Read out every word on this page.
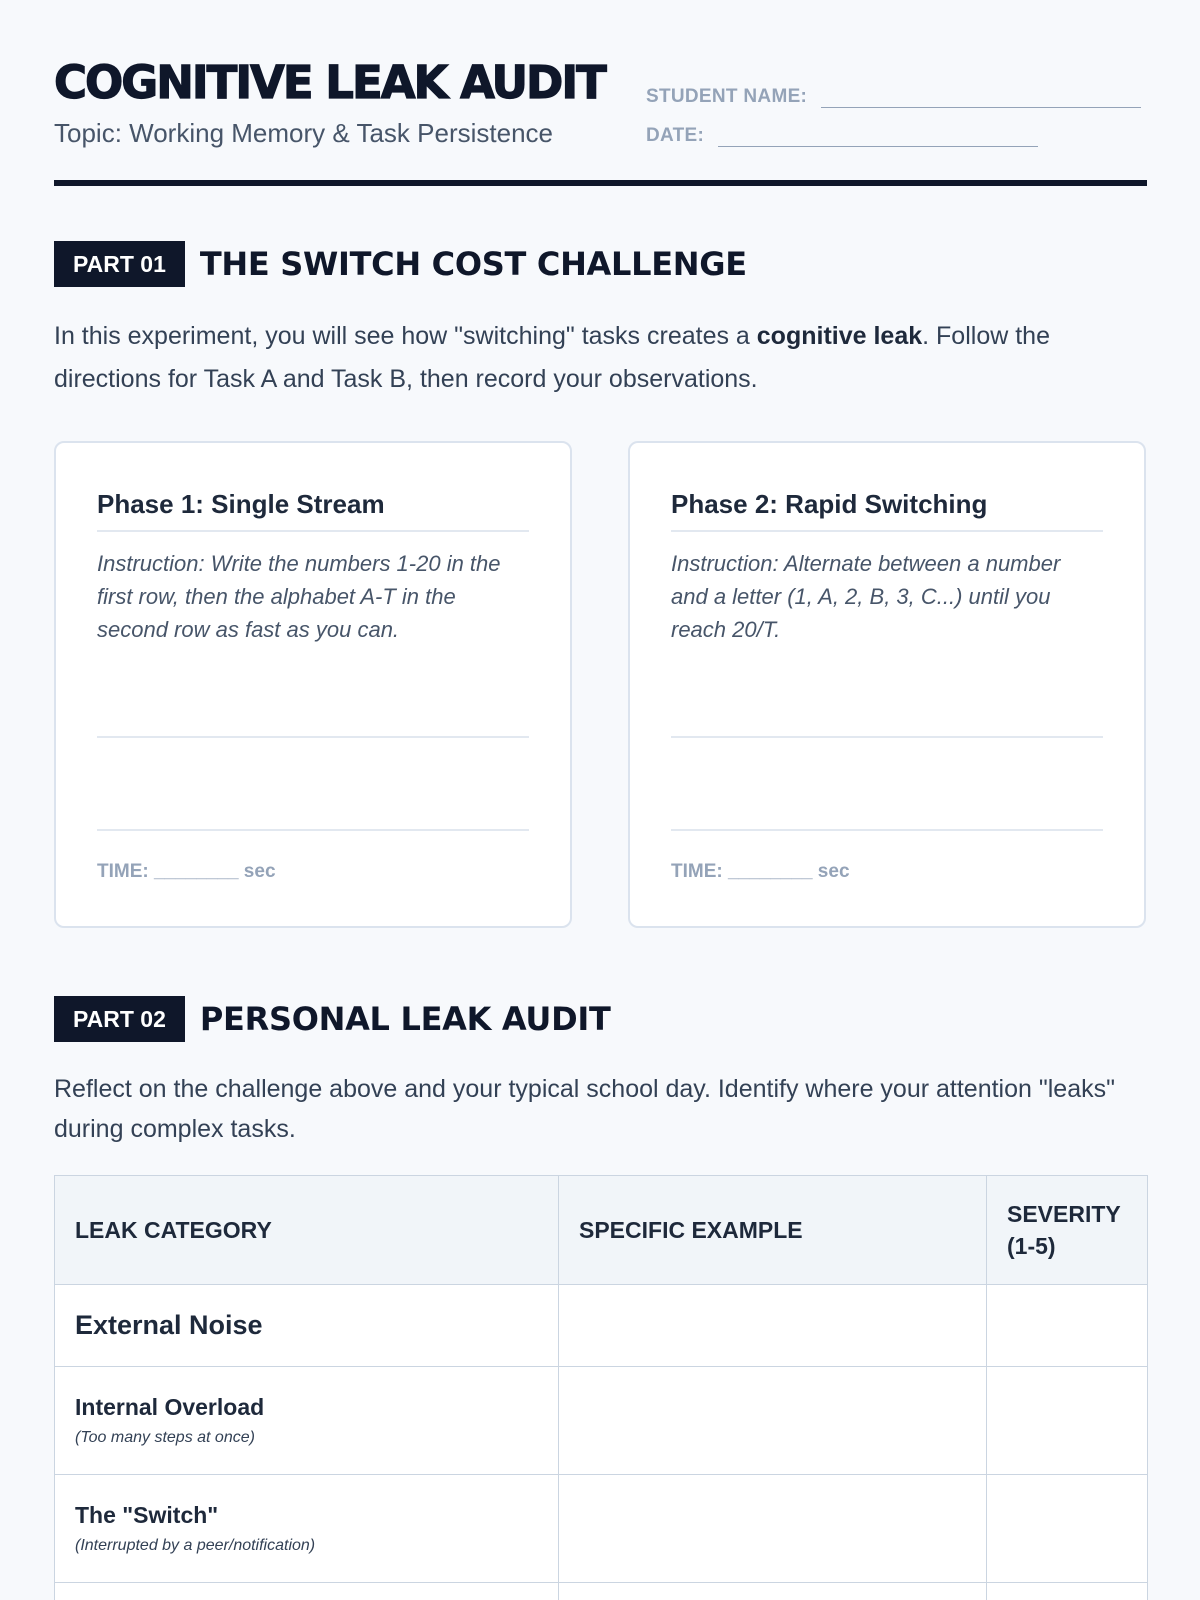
COGNITIVE LEAK AUDIT
Topic: Working Memory & Task Persistence
STUDENT NAME:
DATE:
PART 01	THE SWITCH COST CHALLENGE

In this experiment, you will see how "switching" tasks creates a cognitive leak. Follow the directions for Task A and Task B, then record your observations.

Phase 1: Single Stream
Instruction: Write the numbers 1-20 in the first row, then the alphabet A-T in the second row as fast as you can.
TIME: ________ sec
Phase 2: Rapid Switching
Instruction: Alternate between a number and a letter (1, A, 2, B, 3, C...) until you reach 20/T.
TIME: ________ sec
PART 02	PERSONAL LEAK AUDIT

Reflect on the challenge above and your typical school day. Identify where your attention "leaks" during complex tasks.

LEAK CATEGORY	SPECIFIC EXAMPLE	SEVERITY (1-5)

External Noise		

Internal Overload
(Too many steps at once)		

The "Switch"
(Interrupted by a peer/notification)		
